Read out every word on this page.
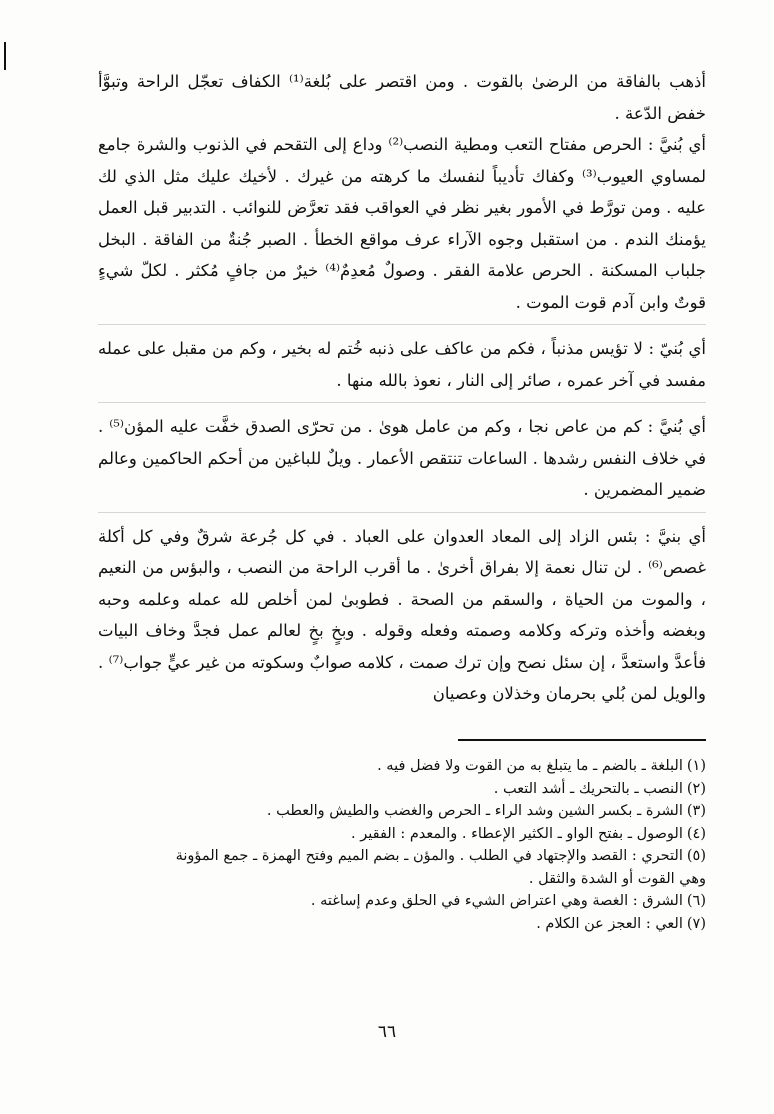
أذهب بالفاقة من الرضىٰ بالقوت . ومن اقتصر على بُلغة⁽¹⁾ الكفاف تعجّل الراحة وتبوَّأ خفض الدّعة .

أي بُنيَّ : الحرص مفتاح التعب ومطية النصب⁽²⁾ وداع إلى التقحم في الذنوب والشرة جامع لمساوي العيوب⁽³⁾ وكفاك تأديباً لنفسك ما كرهته من غيرك . لأخيك عليك مثل الذي لك عليه . ومن تورَّط في الأمور بغير نظر في العواقب فقد تعرَّض للنوائب . التدبير قبل العمل يؤمنك الندم . من استقبل وجوه الآراء عرف مواقع الخطأ . الصبر جُنةٌ من الفاقة . البخل جلباب المسكنة . الحرص علامة الفقر . وصولٌ مُعدِمٌ⁽⁴⁾ خيرٌ من جافٍ مُكثر . لكلّ شيءٍ قوتٌ وابن آدم قوت الموت .

أي بُنيّ : لا تؤيس مذنباً ، فكم من عاكف على ذنبه خُتم له بخير ، وكم من مقبل على عمله مفسد في آخر عمره ، صائر إلى النار ، نعوذ بالله منها .

أي بُنيَّ : كم من عاص نجا ، وكم من عامل هوىٰ . من تحرّى الصدق خفَّت عليه المؤن⁽⁵⁾ . في خلاف النفس رشدها . الساعات تنتقص الأعمار . ويلٌ للباغين من أحكم الحاكمين وعالم ضمير المضمرين .

أي بنيَّ : بئس الزاد إلى المعاد العدوان على العباد . في كل جُرعة شرقٌ وفي كل أكلة غصص⁽⁶⁾ . لن تنال نعمة إلا بفراق أخرىٰ . ما أقرب الراحة من النصب ، والبؤس من النعيم ، والموت من الحياة ، والسقم من الصحة . فطوبىٰ لمن أخلص لله عمله وعلمه وحبه وبغضه وأخذه وتركه وكلامه وصمته وفعله وقوله . وبخٍ بخٍ لعالم عمل فجدَّ وخاف البيات فأعدَّ واستعدَّ ، إن سئل نصح وإن ترك صمت ، كلامه صوابٌ وسكوته من غير عيٍّ جواب⁽⁷⁾ . والويل لمن بُلي بحرمان وخذلان وعصيان

(١)البلغة ـ بالضم ـ ما يتبلغ به من القوت ولا فضل فيه .

(٢)النصب ـ بالتحريك ـ أشد التعب .

(٣)الشرة ـ بكسر الشين وشد الراء ـ الحرص والغضب والطيش والعطب .

(٤)الوصول ـ بفتح الواو ـ الكثير الإعطاء . والمعدم : الفقير .

(٥)التحري : القصد والإجتهاد في الطلب . والمؤن ـ بضم الميم وفتح الهمزة ـ جمع المؤونة وهي القوت أو الشدة والثقل .

(٦)الشرق : الغصة وهي اعتراض الشيء في الحلق وعدم إساغته .

(٧)العي : العجز عن الكلام .

٦٦
